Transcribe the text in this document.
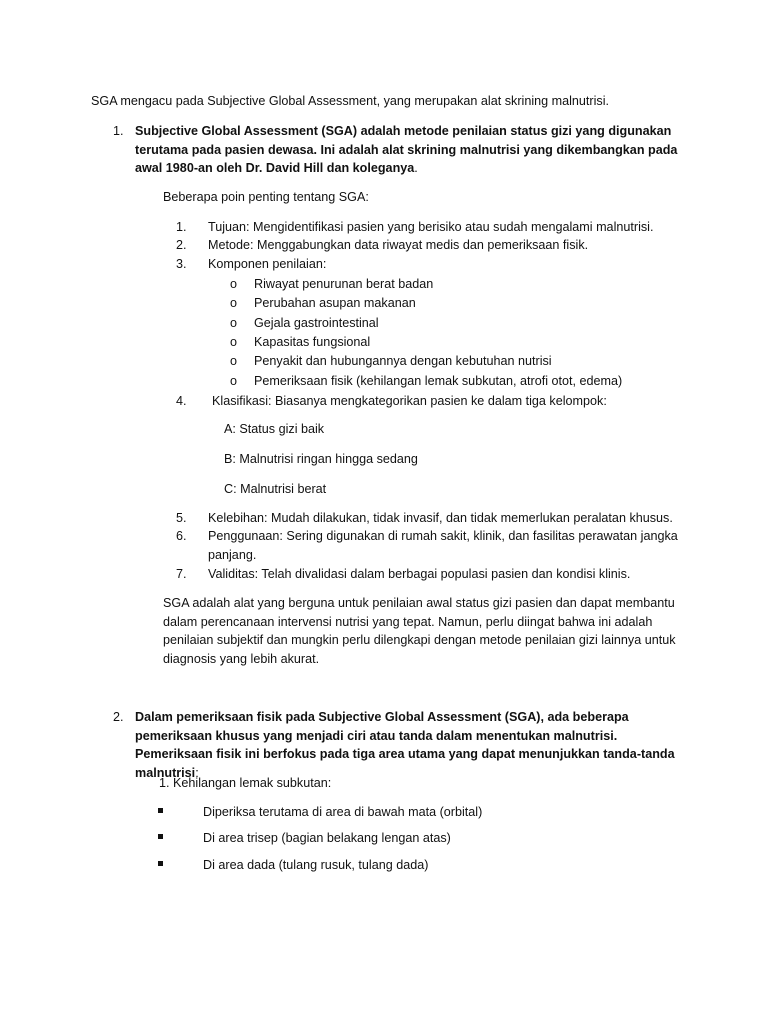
SGA mengacu pada Subjective Global Assessment, yang merupakan alat skrining malnutrisi.
1. Subjective Global Assessment (SGA) adalah metode penilaian status gizi yang digunakan terutama pada pasien dewasa. Ini adalah alat skrining malnutrisi yang dikembangkan pada awal 1980-an oleh Dr. David Hill dan koleganya.
Beberapa poin penting tentang SGA:
1. Tujuan: Mengidentifikasi pasien yang berisiko atau sudah mengalami malnutrisi.
2. Metode: Menggabungkan data riwayat medis dan pemeriksaan fisik.
3. Komponen penilaian:
o Riwayat penurunan berat badan
o Perubahan asupan makanan
o Gejala gastrointestinal
o Kapasitas fungsional
o Penyakit dan hubungannya dengan kebutuhan nutrisi
o Pemeriksaan fisik (kehilangan lemak subkutan, atrofi otot, edema)
4. Klasifikasi: Biasanya mengkategorikan pasien ke dalam tiga kelompok:
A: Status gizi baik
B: Malnutrisi ringan hingga sedang
C: Malnutrisi berat
5. Kelebihan: Mudah dilakukan, tidak invasif, dan tidak memerlukan peralatan khusus.
6. Penggunaan: Sering digunakan di rumah sakit, klinik, dan fasilitas perawatan jangka panjang.
7. Validitas: Telah divalidasi dalam berbagai populasi pasien dan kondisi klinis.
SGA adalah alat yang berguna untuk penilaian awal status gizi pasien dan dapat membantu dalam perencanaan intervensi nutrisi yang tepat. Namun, perlu diingat bahwa ini adalah penilaian subjektif dan mungkin perlu dilengkapi dengan metode penilaian gizi lainnya untuk diagnosis yang lebih akurat.
2. Dalam pemeriksaan fisik pada Subjective Global Assessment (SGA), ada beberapa pemeriksaan khusus yang menjadi ciri atau tanda dalam menentukan malnutrisi. Pemeriksaan fisik ini berfokus pada tiga area utama yang dapat menunjukkan tanda-tanda malnutrisi:
1. Kehilangan lemak subkutan:
Diperiksa terutama di area di bawah mata (orbital)
Di area trisep (bagian belakang lengan atas)
Di area dada (tulang rusuk, tulang dada)
